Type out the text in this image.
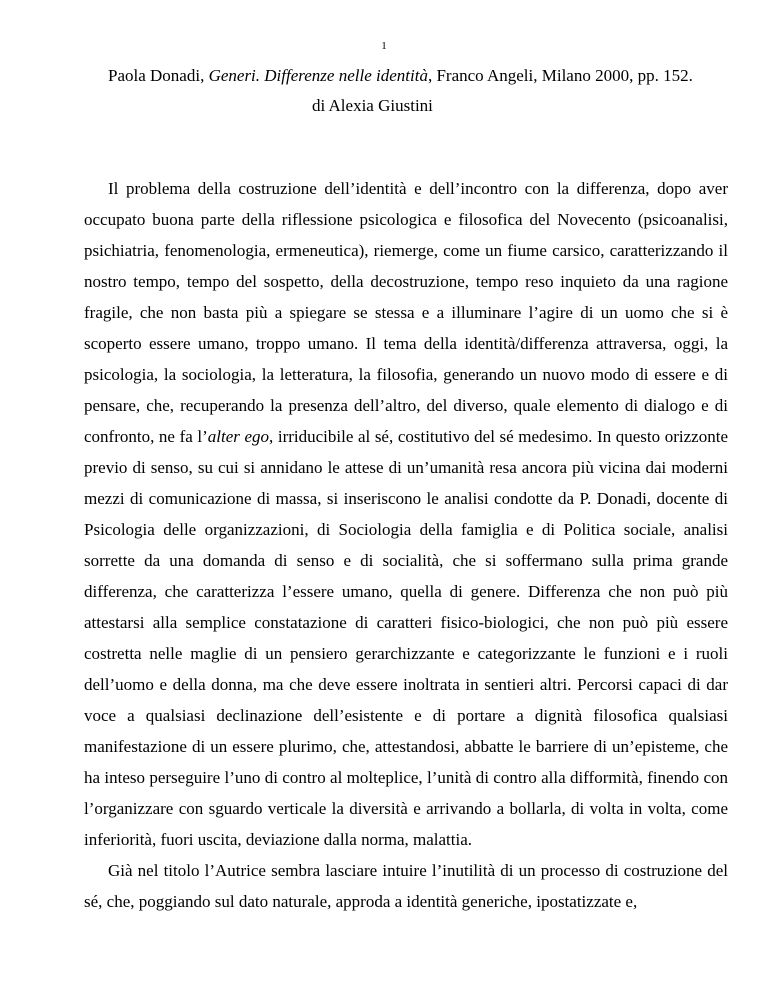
1
Paola Donadi, Generi. Differenze nelle identità, Franco Angeli, Milano 2000, pp. 152.
di Alexia Giustini

Il problema della costruzione dell’identità e dell’incontro con la differenza, dopo aver occupato buona parte della riflessione psicologica e filosofica del Novecento (psicoanalisi, psichiatria, fenomenologia, ermeneutica), riemerge, come un fiume carsico, caratterizzando il nostro tempo, tempo del sospetto, della decostruzione, tempo reso inquieto da una ragione fragile, che non basta più a spiegare se stessa e a illuminare l’agire di un uomo che si è scoperto essere umano, troppo umano. Il tema della identità/differenza attraversa, oggi, la psicologia, la sociologia, la letteratura, la filosofia, generando un nuovo modo di essere e di pensare, che, recuperando la presenza dell’altro, del diverso, quale elemento di dialogo e di confronto, ne fa l’alter ego, irriducibile al sé, costitutivo del sé medesimo. In questo orizzonte previo di senso, su cui si annidano le attese di un’umanità resa ancora più vicina dai moderni mezzi di comunicazione di massa, si inseriscono le analisi condotte da P. Donadi, docente di Psicologia delle organizzazioni, di Sociologia della famiglia e di Politica sociale, analisi sorrette da una domanda di senso e di socialità, che si soffermano sulla prima grande differenza, che caratterizza l’essere umano, quella di genere. Differenza che non può più attestarsi alla semplice constatazione di caratteri fisico-biologici, che non può più essere costretta nelle maglie di un pensiero gerarchizzante e categorizzante le funzioni e i ruoli dell’uomo e della donna, ma che deve essere inoltrata in sentieri altri. Percorsi capaci di dar voce a qualsiasi declinazione dell’esistente e di portare a dignità filosofica qualsiasi manifestazione di un essere plurimo, che, attestandosi, abbatte le barriere di un’episteme, che ha inteso perseguire l’uno di contro al molteplice, l’unità di contro alla difformità, finendo con l’organizzare con sguardo verticale la diversità e arrivando a bollarla, di volta in volta, come inferiorità, fuori uscita, deviazione dalla norma, malattia.

Già nel titolo l’Autrice sembra lasciare intuire l’inutilità di un processo di costruzione del sé, che, poggiando sul dato naturale, approda a identità generiche, ipostatizzate e,
